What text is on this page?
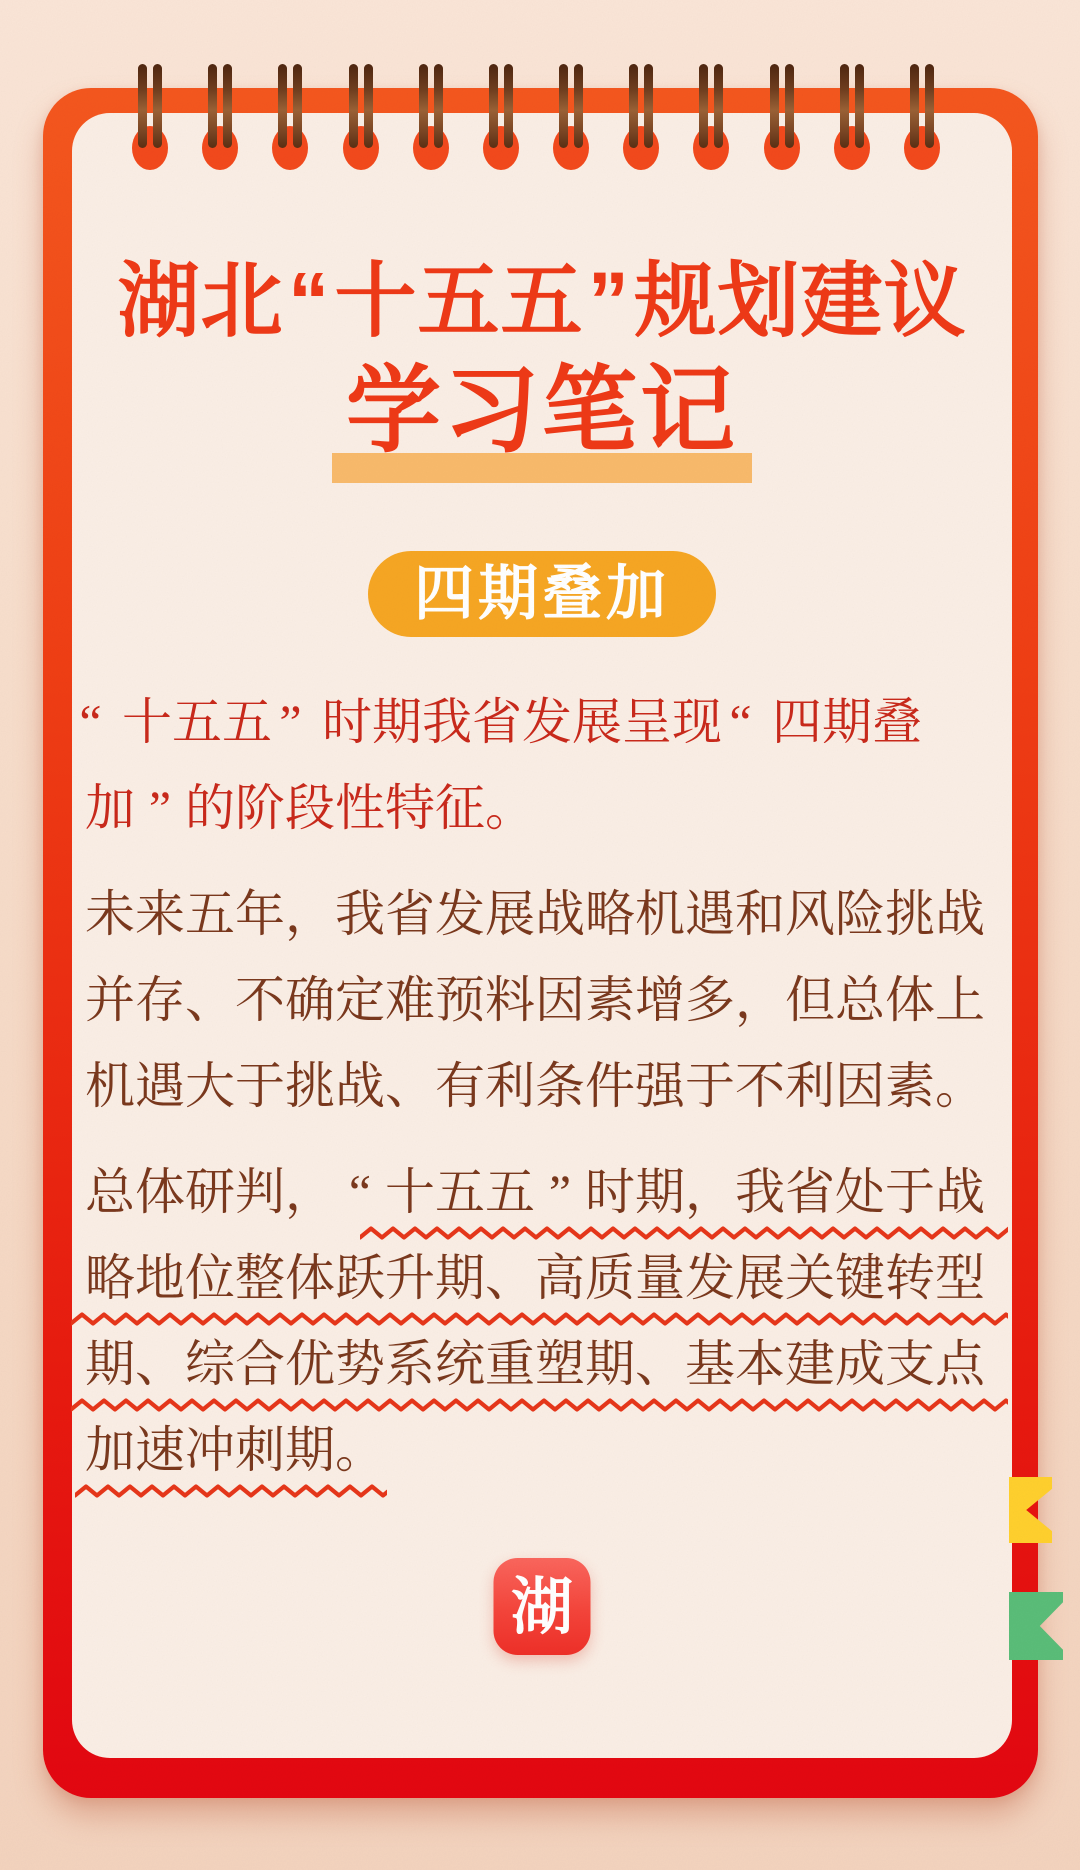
湖北“十五五”规划建议
学习笔记
四期叠加
“ 十五五 ” 时期我省发展呈现 “ 四期叠
加 ” 的阶段性特征。
未来五年，我省发展战略机遇和风险挑战
并存、不确定难预料因素增多，但总体上
机遇大于挑战、有利条件强于不利因素。
总体研判， “ 十五五 ” 时期，我省处于战
略地位整体跃升期、高质量发展关键转型
期、综合优势系统重塑期、基本建成支点
加速冲刺期。
湖
